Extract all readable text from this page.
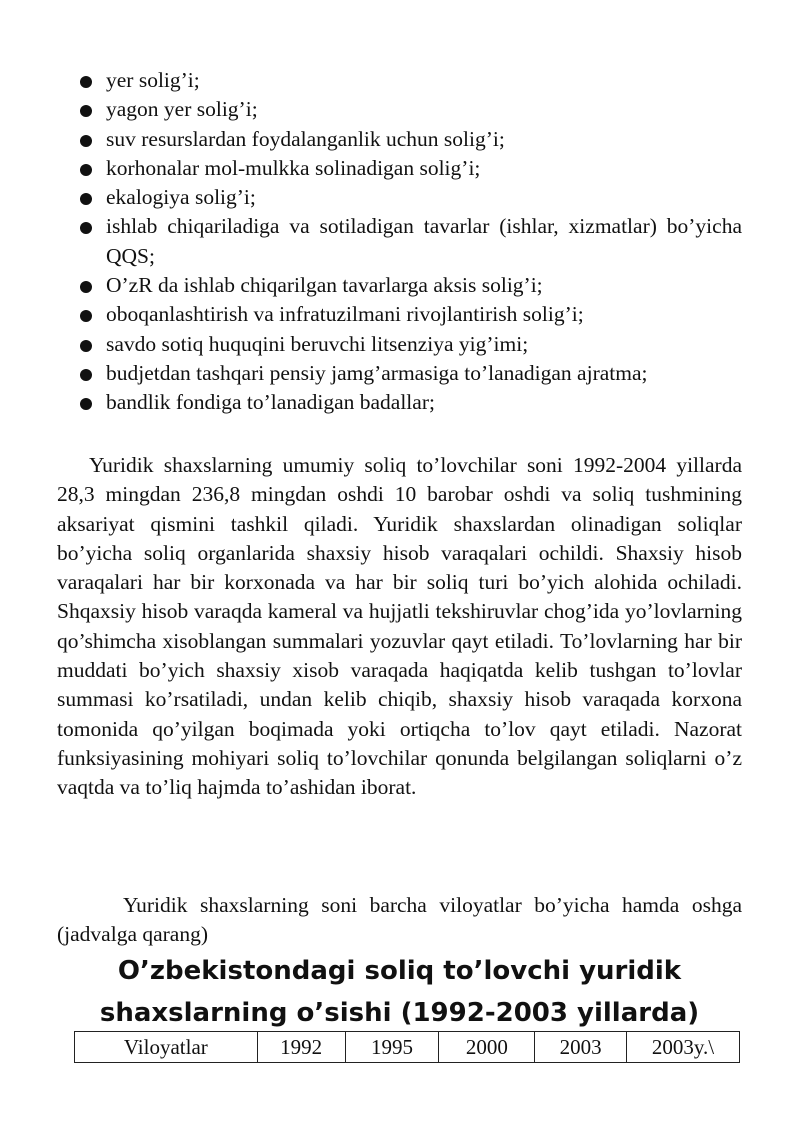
yer solig’i;
yagon yer solig’i;
suv resurslardan foydalanganlik uchun solig’i;
korhonalar mol-mulkka solinadigan solig’i;
ekalogiya solig’i;
ishlab chiqariladiga va sotiladigan tavarlar (ishlar, xizmatlar) bo’yicha QQS;
O’zR da ishlab chiqarilgan tavarlarga aksis solig’i;
oboqanlashtirish va infratuzilmani rivojlantirish solig’i;
savdo sotiq huquqini beruvchi litsenziya yig’imi;
budjetdan tashqari pensiy jamg’armasiga to’lanadigan ajratma;
bandlik fondiga to’lanadigan badallar;

Yuridik shaxslarning umumiy soliq to’lovchilar soni 1992-2004 yillarda 28,3 mingdan 236,8 mingdan oshdi 10 barobar oshdi va soliq tushmining aksariyat qismini tashkil qiladi. Yuridik shaxslardan olinadigan soliqlar bo’yicha soliq organlarida shaxsiy hisob varaqalari ochildi. Shaxsiy hisob varaqalari har bir korxonada va har bir soliq turi bo’yich alohida ochiladi. Shqaxsiy hisob varaqda kameral va hujjatli tekshiruvlar chog’ida yo’lovlarning qo’shimcha xisoblangan summalari yozuvlar qayt etiladi. To’lovlarning har bir muddati bo’yich shaxsiy xisob varaqada haqiqatda kelib tushgan to’lovlar summasi ko’rsatiladi, undan kelib chiqib, shaxsiy hisob varaqada korxona tomonida qo’yilgan boqimada yoki ortiqcha to’lov qayt etiladi. Nazorat funksiyasining mohiyari soliq to’lovchilar qonunda belgilangan soliqlarni o’z vaqtda va to’liq hajmda to’ashidan iborat.

Yuridik shaxslarning soni barcha viloyatlar bo’yicha hamda oshga (jadvalga qarang)

O’zbekistondagi soliq to’lovchi yuridik shaxslarning o’sishi (1992-2003 yillarda)
Viloyatlar	1992	1995	2000	2003	2003y.\
